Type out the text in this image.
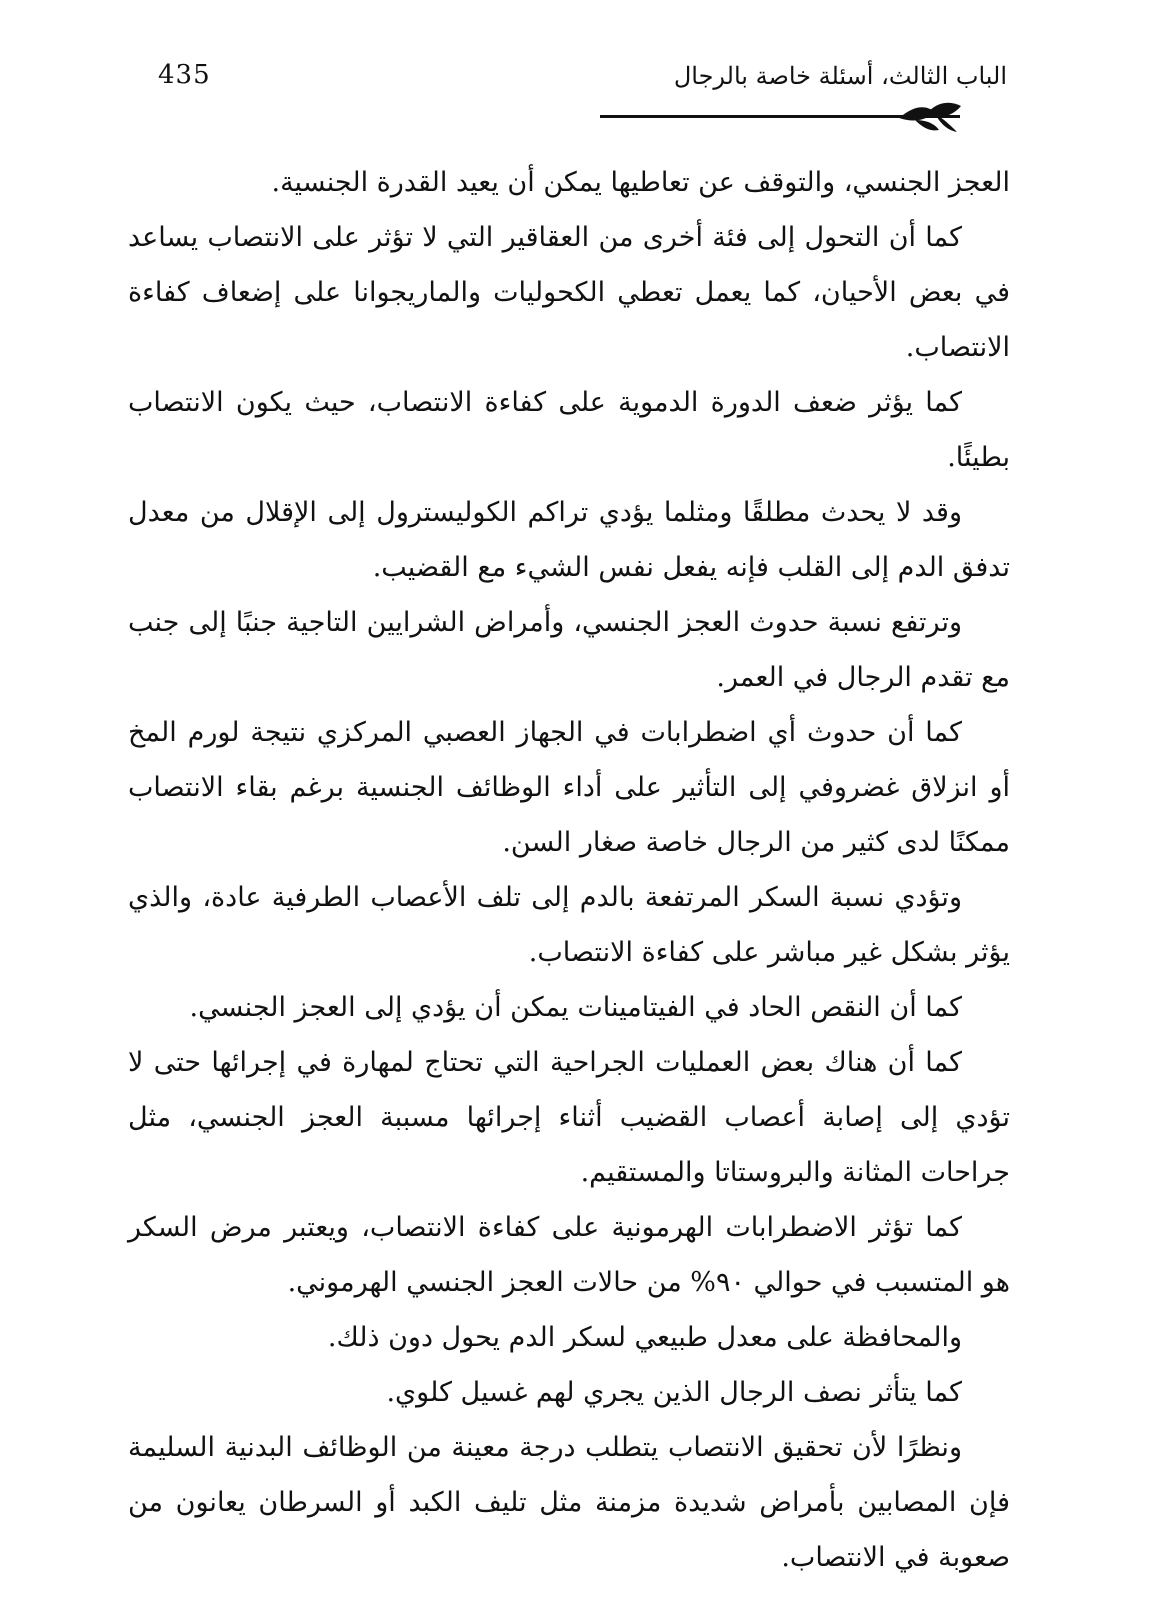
435	الباب الثالث، أسئلة خاصة بالرجال

العجز الجنسي، والتوقف عن تعاطيها يمكن أن يعيد القدرة الجنسية.

كما أن التحول إلى فئة أخرى من العقاقير التي لا تؤثر على الانتصاب يساعد في بعض الأحيان، كما يعمل تعطي الكحوليات والماريجوانا على إضعاف كفاءة الانتصاب.

كما يؤثر ضعف الدورة الدموية على كفاءة الانتصاب، حيث يكون الانتصاب بطيئًا.

وقد لا يحدث مطلقًا ومثلما يؤدي تراكم الكوليسترول إلى الإقلال من معدل تدفق الدم إلى القلب فإنه يفعل نفس الشيء مع القضيب.

وترتفع نسبة حدوث العجز الجنسي، وأمراض الشرايين التاجية جنبًا إلى جنب مع تقدم الرجال في العمر.

كما أن حدوث أي اضطرابات في الجهاز العصبي المركزي نتيجة لورم المخ أو انزلاق غضروفي إلى التأثير على أداء الوظائف الجنسية برغم بقاء الانتصاب ممكنًا لدى كثير من الرجال خاصة صغار السن.

وتؤدي نسبة السكر المرتفعة بالدم إلى تلف الأعصاب الطرفية عادة، والذي يؤثر بشكل غير مباشر على كفاءة الانتصاب.

كما أن النقص الحاد في الفيتامينات يمكن أن يؤدي إلى العجز الجنسي.

كما أن هناك بعض العمليات الجراحية التي تحتاج لمهارة في إجرائها حتى لا تؤدي إلى إصابة أعصاب القضيب أثناء إجرائها مسببة العجز الجنسي، مثل جراحات المثانة والبروستاتا والمستقيم.

كما تؤثر الاضطرابات الهرمونية على كفاءة الانتصاب، ويعتبر مرض السكر هو المتسبب في حوالي ٩٠% من حالات العجز الجنسي الهرموني.

والمحافظة على معدل طبيعي لسكر الدم يحول دون ذلك.

كما يتأثر نصف الرجال الذين يجري لهم غسيل كلوي.

ونظرًا لأن تحقيق الانتصاب يتطلب درجة معينة من الوظائف البدنية السليمة فإن المصابين بأمراض شديدة مزمنة مثل تليف الكبد أو السرطان يعانون من صعوبة في الانتصاب.
